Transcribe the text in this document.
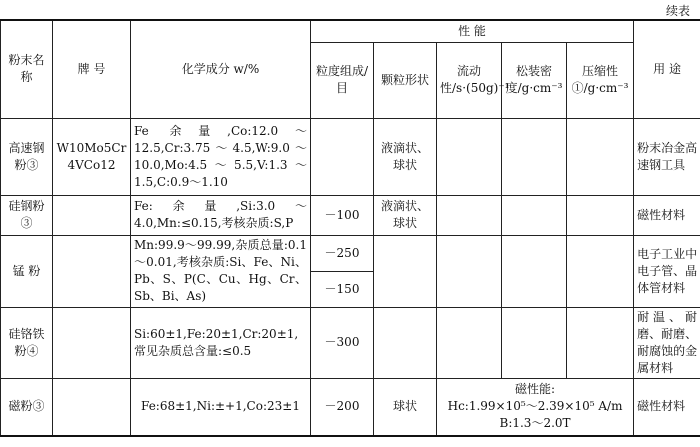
续表
粉末名称	牌 号	化学成分 w/%	性 能					用 途
			粒度组成/目	颗粒形状	流动性/s·(50g)⁻¹	松装密度/g·cm⁻³	压缩性①/g·cm⁻³	
高速钢粉③	W10Mo5Cr4VCo12	Fe 余量,Co:12.0～12.5,Cr:3.75～4.5,W:9.0～10.0,Mo:4.5～5.5,V:1.3～1.5,C:0.9～1.10		液滴状、球状				粉末冶金高速钢工具
硅钢粉③		Fe:余量,Si:3.0～4.0,Mn:≤0.15,考核杂质:S,P	－100	液滴状、球状				磁性材料
锰 粉		Mn:99.9～99.99,杂质总量:0.1～0.01,考核杂质:Si、Fe、Ni、Pb、S、P(C、Cu、Hg、Cr、Sb、Bi、As)	－250					电子工业中电子管、晶体管材料
			－150					
硅铬铁粉④		Si:60±1,Fe:20±1,Cr:20±1,常见杂质总含量:≤0.5	－300					耐温、耐磨、耐磨、耐腐蚀的金属材料
磁粉③		Fe:68±1,Ni:±+1,Co:23±1	－200	球状	磁性能:
Hc:1.99×10⁵～2.39×10⁵ A/m
B:1.3～2.0T			磁性材料
